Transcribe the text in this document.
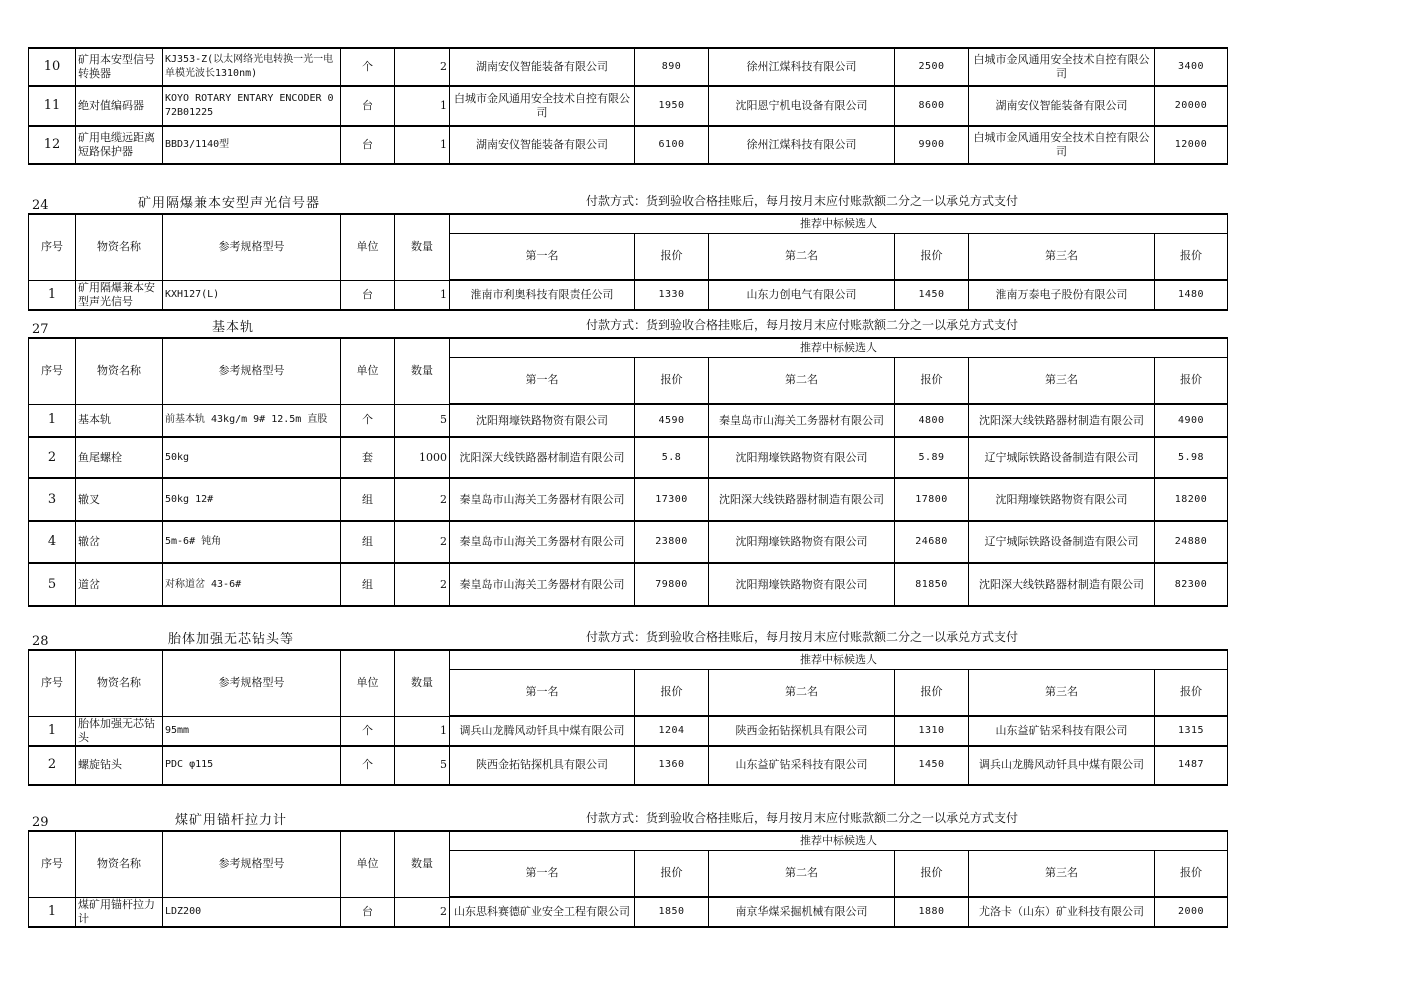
10	矿用本安型信号转换器	KJ353-Z(以太网络光电转换一光一电单模光波长1310nm)	个	2	湖南安仪智能装备有限公司	890	徐州江煤科技有限公司	2500	白城市金风通用安全技术自控有限公司	3400
11	绝对值编码器	KOYO ROTARY ENTARY ENCODER 072B01225	台	1	白城市金风通用安全技术自控有限公司	1950	沈阳恩宁机电设备有限公司	8600	湖南安仪智能装备有限公司	20000
12	矿用电缆远距离短路保护器	BBD3/1140型	台	1	湖南安仪智能装备有限公司	6100	徐州江煤科技有限公司	9900	白城市金风通用安全技术自控有限公司	12000
24	矿用隔爆兼本安型声光信号器	付款方式：货到验收合格挂账后，每月按月末应付账款额二分之一以承兑方式支付
序号	物资名称	参考规格型号	单位	数量	推荐中标候选人					
					第一名	报价	第二名	报价	第三名	报价
1	矿用隔爆兼本安型声光信号	KXH127(L)	台	1	淮南市利奥科技有限责任公司	1330	山东力创电气有限公司	1450	淮南万泰电子股份有限公司	1480
27	基本轨	付款方式：货到验收合格挂账后，每月按月末应付账款额二分之一以承兑方式支付
序号	物资名称	参考规格型号	单位	数量	推荐中标候选人					
					第一名	报价	第二名	报价	第三名	报价
1	基本轨	前基本轨 43kg/m 9# 12.5m 直股	个	5	沈阳翔壕铁路物资有限公司	4590	秦皇岛市山海关工务器材有限公司	4800	沈阳深大线铁路器材制造有限公司	4900
2	鱼尾螺栓	50kg	套	1000	沈阳深大线铁路器材制造有限公司	5.8	沈阳翔壕铁路物资有限公司	5.89	辽宁城际铁路设备制造有限公司	5.98
3	辙叉	50kg 12#	组	2	秦皇岛市山海关工务器材有限公司	17300	沈阳深大线铁路器材制造有限公司	17800	沈阳翔壕铁路物资有限公司	18200
4	辙岔	5m-6# 钝角	组	2	秦皇岛市山海关工务器材有限公司	23800	沈阳翔壕铁路物资有限公司	24680	辽宁城际铁路设备制造有限公司	24880
5	道岔	对称道岔 43-6#	组	2	秦皇岛市山海关工务器材有限公司	79800	沈阳翔壕铁路物资有限公司	81850	沈阳深大线铁路器材制造有限公司	82300
28	胎体加强无芯钻头等	付款方式：货到验收合格挂账后，每月按月末应付账款额二分之一以承兑方式支付
序号	物资名称	参考规格型号	单位	数量	推荐中标候选人					
					第一名	报价	第二名	报价	第三名	报价
1	胎体加强无芯钻头	95mm	个	1	调兵山龙腾风动钎具中煤有限公司	1204	陕西金拓钻探机具有限公司	1310	山东益矿钻采科技有限公司	1315
2	螺旋钻头	PDC φ115	个	5	陕西金拓钻探机具有限公司	1360	山东益矿钻采科技有限公司	1450	调兵山龙腾风动钎具中煤有限公司	1487
29	煤矿用锚杆拉力计	付款方式：货到验收合格挂账后，每月按月末应付账款额二分之一以承兑方式支付
序号	物资名称	参考规格型号	单位	数量	推荐中标候选人					
					第一名	报价	第二名	报价	第三名	报价
1	煤矿用锚杆拉力计	LDZ200	台	2	山东思科赛德矿业安全工程有限公司	1850	南京华煤采掘机械有限公司	1880	尤洛卡（山东）矿业科技有限公司	2000
